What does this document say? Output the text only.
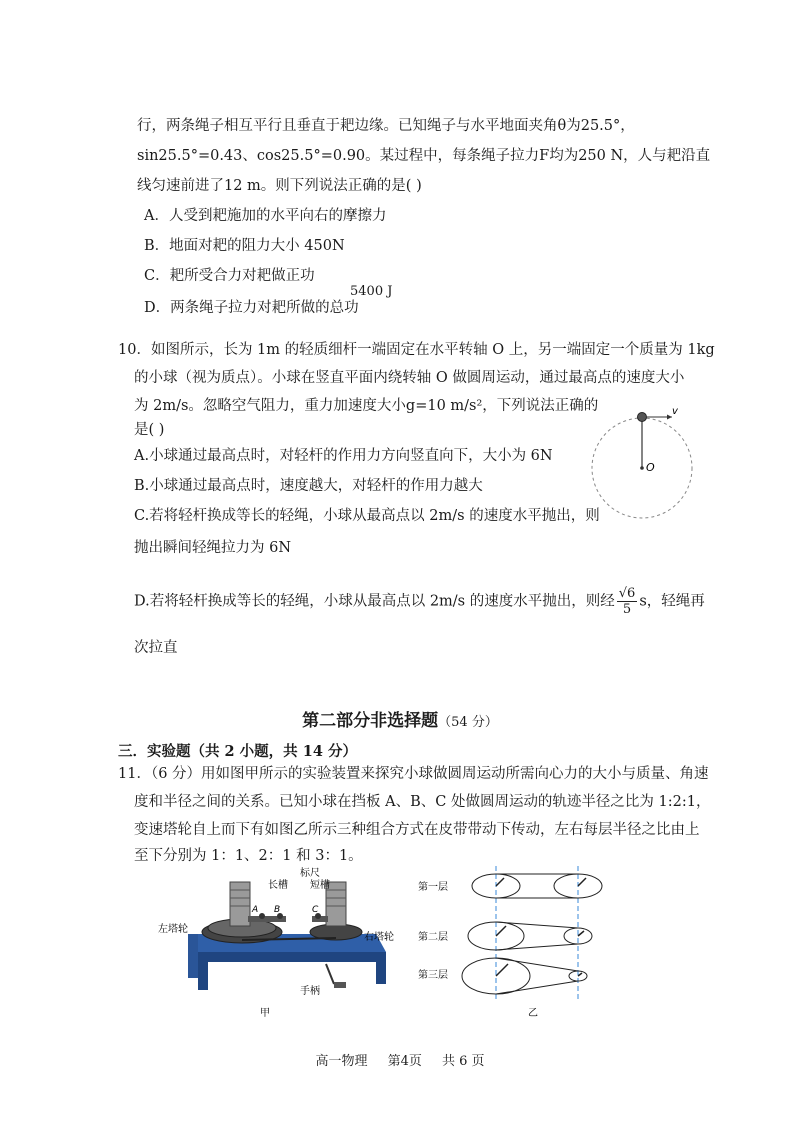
行，两条绳子相互平行且垂直于耙边缘。已知绳子与水平地面夹角θ为25.5°，
sin25.5°=0.43、cos25.5°=0.90。某过程中，每条绳子拉力F均为250 N，人与耙沿直
线匀速前进了12 m。则下列说法正确的是( )
A．人受到耙施加的水平向右的摩擦力
B．地面对耙的阻力大小 450N
C．耙所受合力对耙做正功
D．两条绳子拉力对耙所做的总功
5400 J
10．如图所示，长为 1m 的轻质细杆一端固定在水平转轴 O 上，另一端固定一个质量为 1kg
的小球（视为质点）。小球在竖直平面内绕转轴 O 做圆周运动，通过最高点的速度大小
为 2m/s。忽略空气阻力，重力加速度大小g=10 m/s²，下列说法正确的
是( )
A.小球通过最高点时，对轻杆的作用力方向竖直向下，大小为 6N
B.小球通过最高点时，速度越大，对轻杆的作用力越大
C.若将轻杆换成等长的轻绳，小球从最高点以 2m/s 的速度水平抛出，则
抛出瞬间轻绳拉力为 6N
D.若将轻杆换成等长的轻绳，小球从最高点以 2m/s 的速度水平抛出，则经 $\frac{√6}{5}$ s，轻绳再
次拉直
v
O
第二部分非选择题（54 分）
三．实验题（共 2 小题，共 14 分）
11．（6 分）用如图甲所示的实验装置来探究小球做圆周运动所需向心力的大小与质量、角速
度和半径之间的关系。已知小球在挡板 A、B、C 处做圆周运动的轨迹半径之比为 1:2:1，
变速塔轮自上而下有如图乙所示三种组合方式在皮带带动下传动，左右每层半径之比由上
至下分别为 1：1、2：1 和 3：1。
标尺
长槽 短槽
左塔轮
右塔轮
手柄
A B	C
甲
第一层
第二层
第三层
乙
高一物理 第4页 共 6 页
